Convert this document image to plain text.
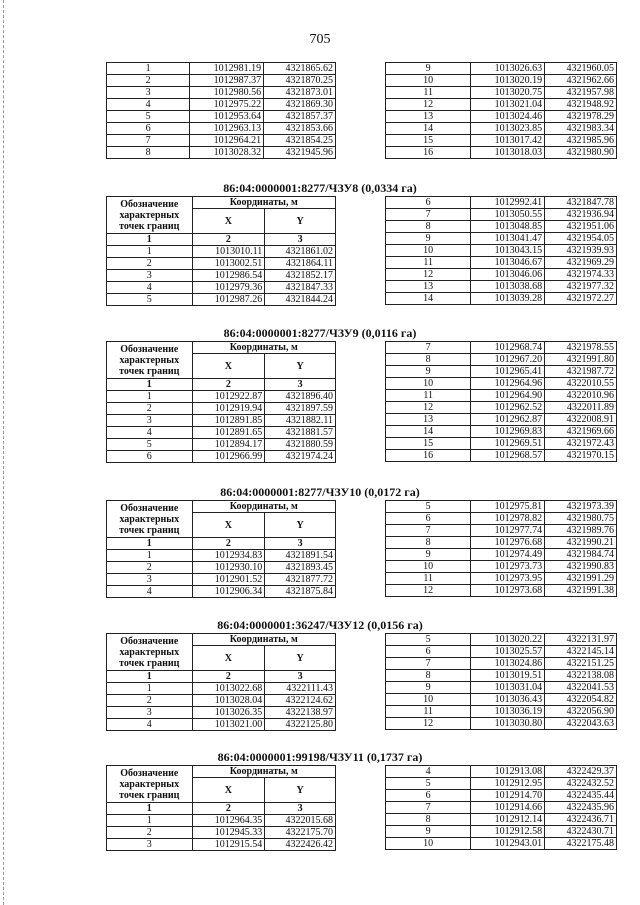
705
1	1012981.19	4321865.62
2	1012987.37	4321870.25
3	1012980.56	4321873.01
4	1012975.22	4321869.30
5	1012953.64	4321857.37
6	1012963.13	4321853.66
7	1012964.21	4321854.25
8	1013028.32	4321945.96
9	1013026.63	4321960.05
10	1013020.19	4321962.66
11	1013020.75	4321957.98
12	1013021.04	4321948.92
13	1013024.46	4321978.29
14	1013023.85	4321983.34
15	1013017.42	4321985.96
16	1013018.03	4321980.90
86:04:0000001:8277/ЧЗУ8 (0,0334 га)
Обозначение характерных точек границ	Координаты, м	
	X	Y
1	2	3
1	1013010.11	4321861.02
2	1013002.51	4321864.11
3	1012986.54	4321852.17
4	1012979.36	4321847.33
5	1012987.26	4321844.24
6	1012992.41	4321847.78
7	1013050.55	4321936.94
8	1013048.85	4321951.06
9	1013041.47	4321954.05
10	1013043.15	4321939.93
11	1013046.67	4321969.29
12	1013046.06	4321974.33
13	1013038.68	4321977.32
14	1013039.28	4321972.27
86:04:0000001:8277/ЧЗУ9 (0,0116 га)
Обозначение характерных точек границ	Координаты, м	
	X	Y
1	2	3
1	1012922.87	4321896.40
2	1012919.94	4321897.59
3	1012891.85	4321882.11
4	1012891.65	4321881.57
5	1012894.17	4321880.59
6	1012966.99	4321974.24
7	1012968.74	4321978.55
8	1012967.20	4321991.80
9	1012965.41	4321987.72
10	1012964.96	4322010.55
11	1012964.90	4322010.96
12	1012962.52	4322011.89
13	1012962.87	4322008.91
14	1012969.83	4321969.66
15	1012969.51	4321972.43
16	1012968.57	4321970.15
86:04:0000001:8277/ЧЗУ10 (0,0172 га)
Обозначение характерных точек границ	Координаты, м	
	X	Y
1	2	3
1	1012934.83	4321891.54
2	1012930.10	4321893.45
3	1012901.52	4321877.72
4	1012906.34	4321875.84
5	1012975.81	4321973.39
6	1012978.82	4321980.75
7	1012977.74	4321989.76
8	1012976.68	4321990.21
9	1012974.49	4321984.74
10	1012973.73	4321990.83
11	1012973.95	4321991.29
12	1012973.68	4321991.38
86:04:0000001:36247/ЧЗУ12 (0,0156 га)
Обозначение характерных точек границ	Координаты, м	
	X	Y
1	2	3
1	1013022.68	4322111.43
2	1013028.04	4322124.62
3	1013026.35	4322138.97
4	1013021.00	4322125.80
5	1013020.22	4322131.97
6	1013025.57	4322145.14
7	1013024.86	4322151.25
8	1013019.51	4322138.08
9	1013031.04	4322041.53
10	1013036.43	4322054.82
11	1013036.19	4322056.90
12	1013030.80	4322043.63
86:04:0000001:99198/ЧЗУ11 (0,1737 га)
Обозначение характерных точек границ	Координаты, м	
	X	Y
1	2	3
1	1012964.35	4322015.68
2	1012945.33	4322175.70
3	1012915.54	4322426.42
4	1012913.08	4322429.37
5	1012912.95	4322432.52
6	1012914.70	4322435.44
7	1012914.66	4322435.96
8	1012912.14	4322436.71
9	1012912.58	4322430.71
10	1012943.01	4322175.48
